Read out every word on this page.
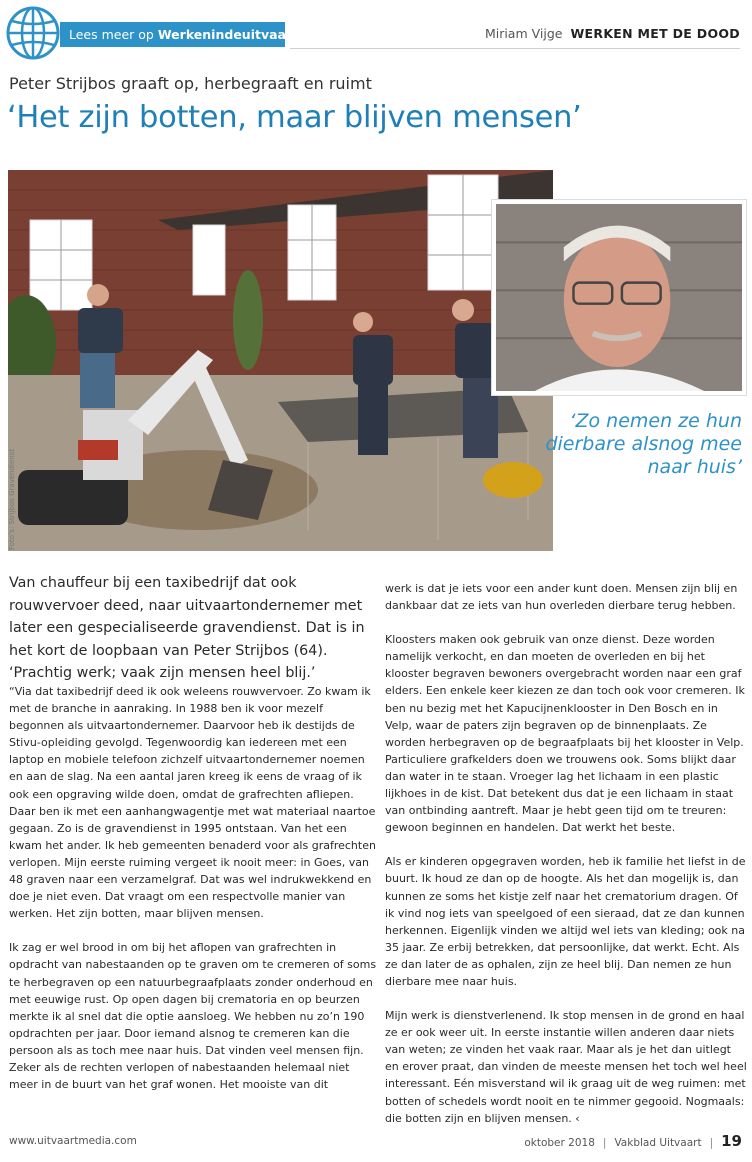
Lees meer op Werkenindeuitvaart.nl	Miriam Vijge WERKEN MET DE DOOD
Peter Strijbos graaft op, herbegraaft en ruimt
‘Het zijn botten, maar blijven mensen’
Foto’s: Strijbos Gravendienst
‘Zo nemen ze hun dierbare alsnog mee naar huis’
Van chauffeur bij een taxibedrijf dat ook rouwvervoer deed, naar uitvaartondernemer met later een gespecialiseerde gravendienst. Dat is in het kort de loopbaan van Peter Strijbos (64). ‘Prachtig werk; vaak zijn mensen heel blij.’

“Via dat taxibedrijf deed ik ook weleens rouwvervoer. Zo kwam ik met de branche in aanraking. In 1988 ben ik voor mezelf begonnen als uitvaartondernemer. Daarvoor heb ik destijds de Stivu-opleiding gevolgd. Tegenwoordig kan iedereen met een laptop en mobiele telefoon zichzelf uitvaartondernemer noemen en aan de slag. Na een aantal jaren kreeg ik eens de vraag of ik ook een opgraving wilde doen, omdat de grafrechten afliepen. Daar ben ik met een aanhangwagentje met wat materiaal naartoe gegaan. Zo is de gravendienst in 1995 ontstaan. Van het een kwam het ander. Ik heb gemeenten benaderd voor als grafrechten verlopen. Mijn eerste ruiming vergeet ik nooit meer: in Goes, van 48 graven naar een verzamelgraf. Dat was wel indrukwekkend en doe je niet even. Dat vraagt om een respectvolle manier van werken. Het zijn botten, maar blijven mensen.

Ik zag er wel brood in om bij het aflopen van grafrechten in opdracht van nabestaanden op te graven om te cremeren of soms te herbegraven op een natuurbegraafplaats zonder onderhoud en met eeuwige rust. Op open dagen bij crematoria en op beurzen merkte ik al snel dat die optie aansloeg. We hebben nu zo’n 190 opdrachten per jaar. Door iemand alsnog te cremeren kan die persoon als as toch mee naar huis. Dat vinden veel mensen fijn. Zeker als de rechten verlopen of nabestaanden helemaal niet meer in de buurt van het graf wonen. Het mooiste van dit

werk is dat je iets voor een ander kunt doen. Mensen zijn blij en dankbaar dat ze iets van hun overleden dierbare terug hebben.

Kloosters maken ook gebruik van onze dienst. Deze worden namelijk verkocht, en dan moeten de overleden en bij het klooster begraven bewoners overgebracht worden naar een graf elders. Een enkele keer kiezen ze dan toch ook voor cremeren. Ik ben nu bezig met het Kapucijnenklooster in Den Bosch en in Velp, waar de paters zijn begraven op de binnenplaats. Ze worden herbegraven op de begraafplaats bij het klooster in Velp. Particuliere grafkelders doen we trouwens ook. Soms blijkt daar dan water in te staan. Vroeger lag het lichaam in een plastic lijkhoes in de kist. Dat betekent dus dat je een lichaam in staat van ontbinding aantreft. Maar je hebt geen tijd om te treuren: gewoon beginnen en handelen. Dat werkt het beste.

Als er kinderen opgegraven worden, heb ik familie het liefst in de buurt. Ik houd ze dan op de hoogte. Als het dan mogelijk is, dan kunnen ze soms het kistje zelf naar het crematorium dragen. Of ik vind nog iets van speelgoed of een sieraad, dat ze dan kunnen herkennen. Eigenlijk vinden we altijd wel iets van kleding; ook na 35 jaar. Ze erbij betrekken, dat persoonlijke, dat werkt. Echt. Als ze dan later de as ophalen, zijn ze heel blij. Dan nemen ze hun dierbare mee naar huis.

Mijn werk is dienstverlenend. Ik stop mensen in de grond en haal ze er ook weer uit. In eerste instantie willen anderen daar niets van weten; ze vinden het vaak raar. Maar als je het dan uitlegt en erover praat, dan vinden de meeste mensen het toch wel heel interessant. Eén misverstand wil ik graag uit de weg ruimen: met botten of schedels wordt nooit en te nimmer gegooid. Nogmaals: die botten zijn en blijven mensen. ‹

www.uitvaartmedia.com	oktober 2018 | Vakblad Uitvaart | 19
